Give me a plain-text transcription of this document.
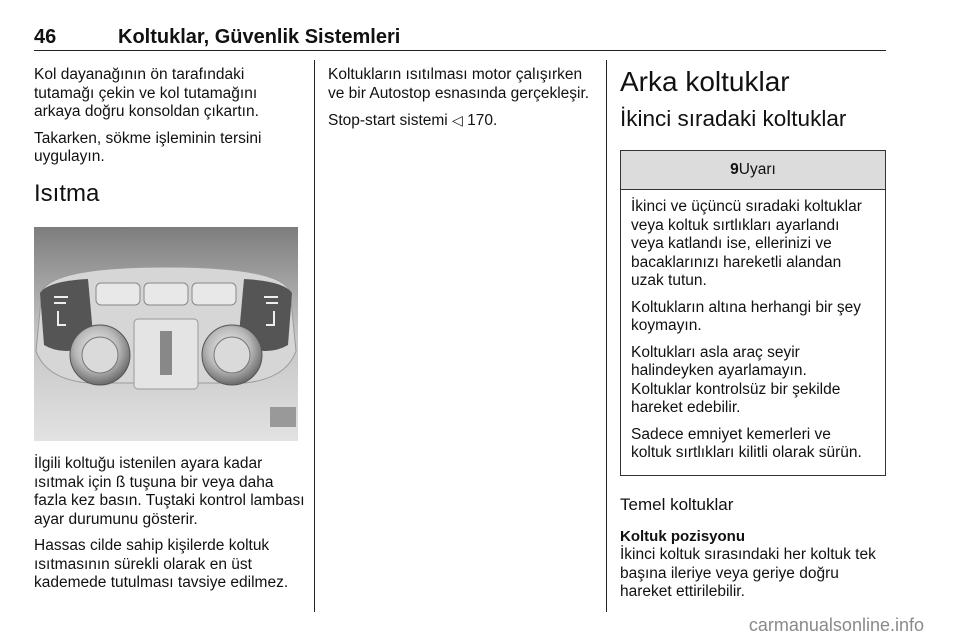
46	Koltuklar, Güvenlik Sistemleri

Kol dayanağının ön tarafındaki tutamağı çekin ve kol tutamağını arkaya doğru konsoldan çıkartın.

Takarken, sökme işleminin tersini uygulayın.

Isıtma

İlgili koltuğu istenilen ayara kadar ısıtmak için ß tuşuna bir veya daha fazla kez basın. Tuştaki kontrol lambası ayar durumunu gösterir.

Hassas cilde sahip kişilerde koltuk ısıtmasının sürekli olarak en üst kademede tutulması tavsiye edilmez.

Koltukların ısıtılması motor çalışırken ve bir Autostop esnasında gerçekleşir.

Stop-start sistemi ◁ 170.

Arka koltuklar
İkinci sıradaki koltuklar
9Uyarı

İkinci ve üçüncü sıradaki koltuklar veya koltuk sırtlıkları ayarlandı veya katlandı ise, ellerinizi ve bacaklarınızı hareketli alandan uzak tutun.

Koltukların altına herhangi bir şey koymayın.

Koltukları asla araç seyir halindeyken ayarlamayın.

Koltuklar kontrolsüz bir şekilde hareket edebilir.

Sadece emniyet kemerleri ve koltuk sırtlıkları kilitli olarak sürün.

Temel koltuklar
Koltuk pozisyonu

İkinci koltuk sırasındaki her koltuk tek başına ileriye veya geriye doğru hareket ettirilebilir.

carmanualsonline.info
